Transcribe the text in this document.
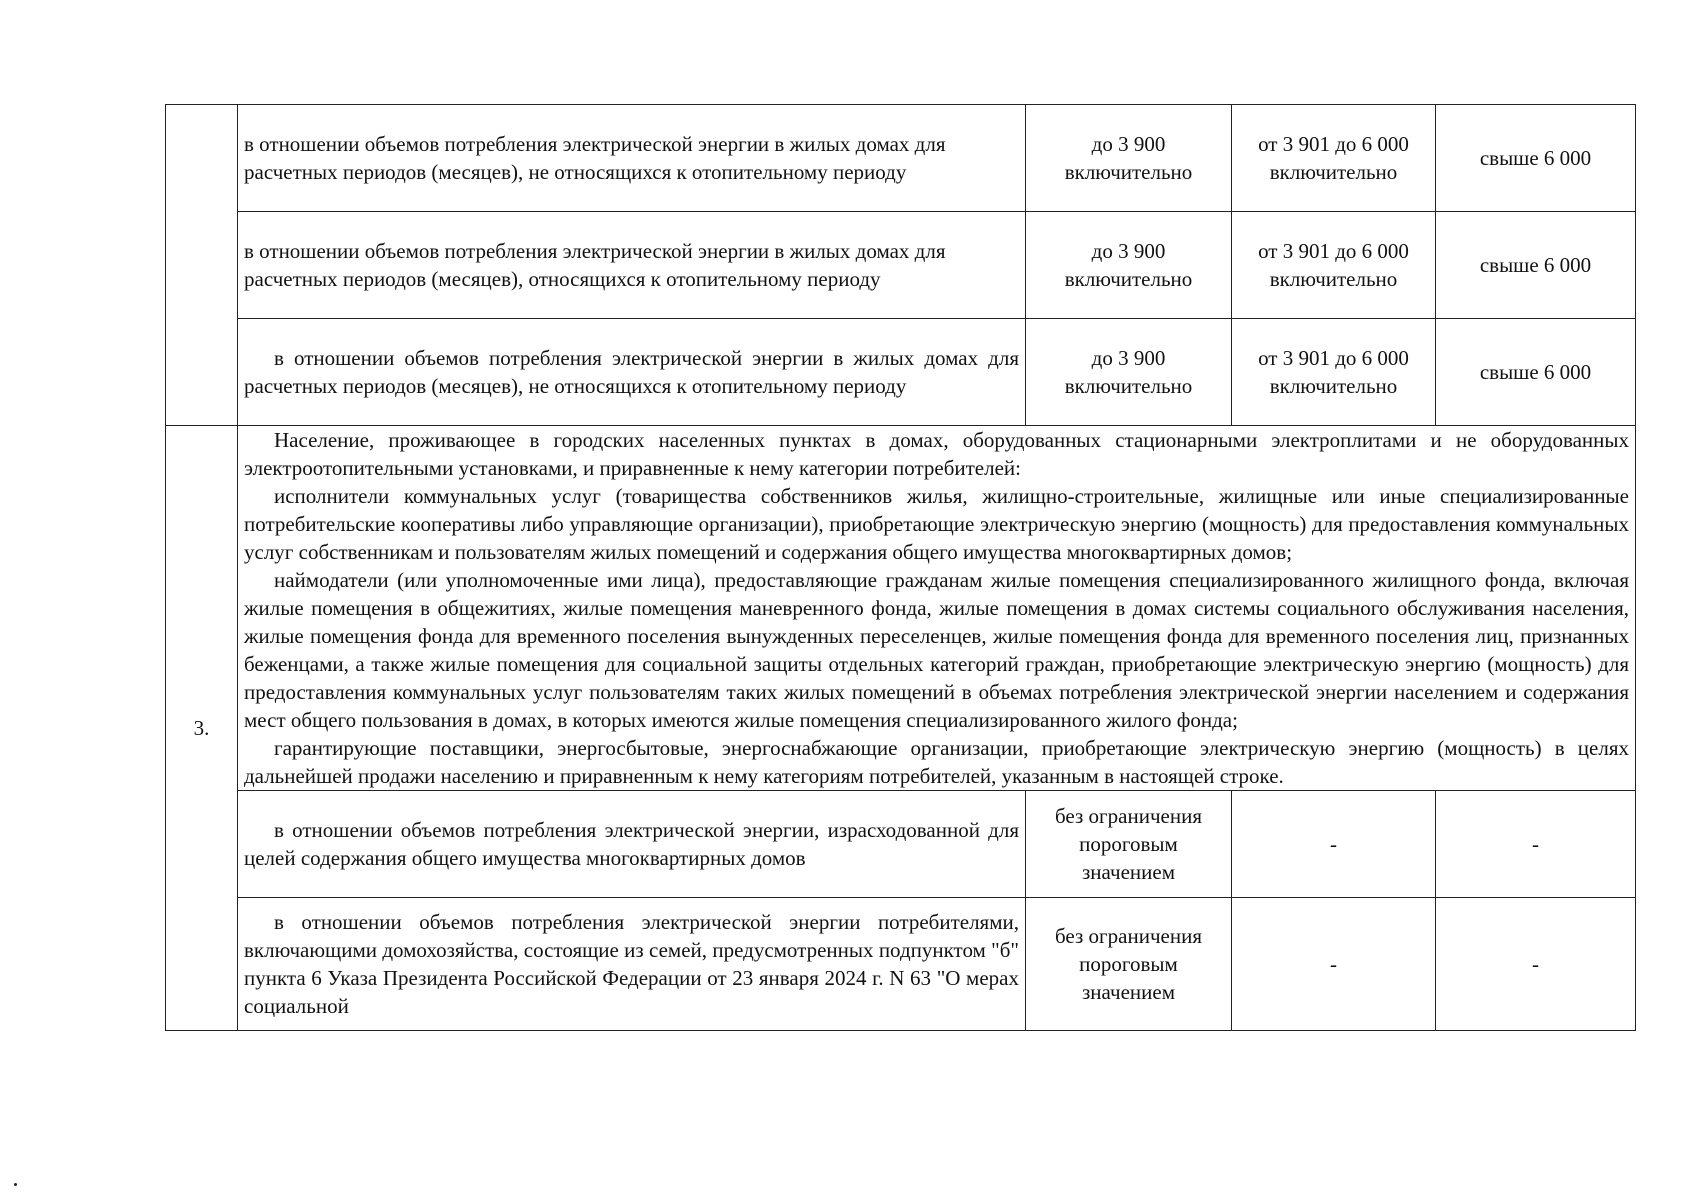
	в отношении объемов потребления электрической энергии в жилых домах для расчетных периодов (месяцев), не относящихся к отопительному периоду	до 3 900 включительно	от 3 901 до 6 000 включительно	свыше 6 000
	в отношении объемов потребления электрической энергии в жилых домах для расчетных периодов (месяцев), относящихся к отопительному периоду	до 3 900 включительно	от 3 901 до 6 000 включительно	свыше 6 000
	в отношении объемов потребления электрической энергии в жилых домах для расчетных периодов (месяцев), не относящихся к отопительному периоду	до 3 900 включительно	от 3 901 до 6 000 включительно	свыше 6 000
3.	Население, проживающее в городских населенных пунктах в домах, оборудованных стационарными электроплитами и не оборудованных электроотопительными установками, и приравненные к нему категории потребителей:

исполнители коммунальных услуг (товарищества собственников жилья, жилищно-строительные, жилищные или иные специализированные потребительские кооперативы либо управляющие организации), приобретающие электрическую энергию (мощность) для предоставления коммунальных услуг собственникам и пользователям жилых помещений и содержания общего имущества многоквартирных домов;

наймодатели (или уполномоченные ими лица), предоставляющие гражданам жилые помещения специализированного жилищного фонда, включая жилые помещения в общежитиях, жилые помещения маневренного фонда, жилые помещения в домах системы социального обслуживания населения, жилые помещения фонда для временного поселения вынужденных переселенцев, жилые помещения фонда для временного поселения лиц, признанных беженцами, а также жилые помещения для социальной защиты отдельных категорий граждан, приобретающие электрическую энергию (мощность) для предоставления коммунальных услуг пользователям таких жилых помещений в объемах потребления электрической энергии населением и содержания мест общего пользования в домах, в которых имеются жилые помещения специализированного жилого фонда;

гарантирующие поставщики, энергосбытовые, энергоснабжающие организации, приобретающие электрическую энергию (мощность) в целях дальнейшей продажи населению и приравненным к нему категориям потребителей, указанным в настоящей строке.			

	в отношении объемов потребления электрической энергии, израсходованной для целей содержания общего имущества многоквартирных домов	без ограничения пороговым значением	-	-
	в отношении объемов потребления электрической энергии потребителями, включающими домохозяйства, состоящие из семей, предусмотренных подпунктом "б" пункта 6 Указа Президента Российской Федерации от 23 января 2024 г. N 63 "О мерах социальной	без ограничения пороговым значением	-	-
